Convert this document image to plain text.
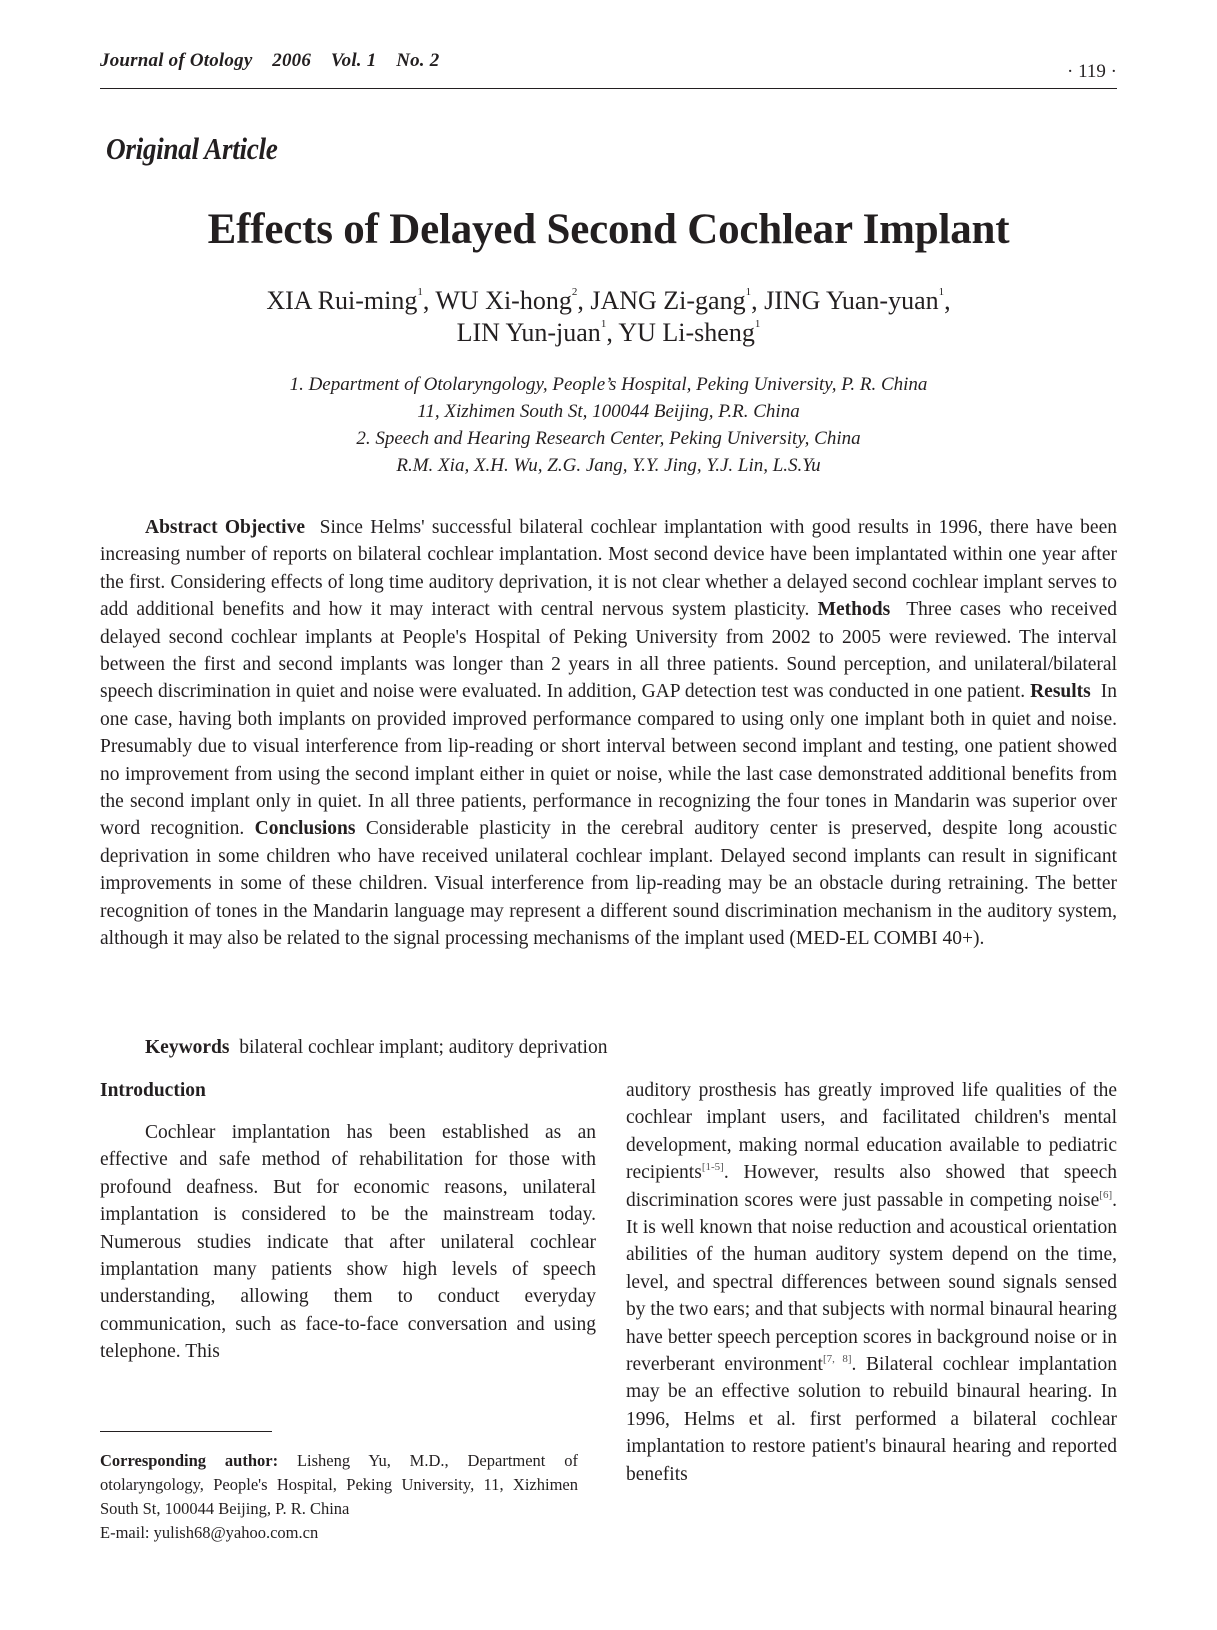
Journal of Otology    2006    Vol. 1    No. 2
· 119 ·
Original Article
Effects of Delayed Second Cochlear Implant
XIA Rui-ming$^1$, WU Xi-hong$^2$, JANG Zi-gang$^1$, JING Yuan-yuan$^1$,
LIN Yun-juan$^1$, YU Li-sheng$^1$
1. Department of Otolaryngology, People’s Hospital, Peking University, P. R. China
11, Xizhimen South St, 100044 Beijing, P.R. China
2. Speech and Hearing Research Center, Peking University, China
R.M. Xia, X.H. Wu, Z.G. Jang, Y.Y. Jing, Y.J. Lin, L.S.Yu

Abstract Objective Since Helms' successful bilateral cochlear implantation with good results in 1996, there have been increasing number of reports on bilateral cochlear implantation. Most second device have been implantated within one year after the first. Considering effects of long time auditory deprivation, it is not clear whether a delayed second cochlear implant serves to add additional benefits and how it may interact with central nervous system plasticity. Methods Three cases who received delayed second cochlear implants at People's Hospital of Peking University from 2002 to 2005 were reviewed. The interval between the first and second implants was longer than 2 years in all three patients. Sound perception, and unilateral/bilateral speech discrimination in quiet and noise were evaluated. In addition, GAP detection test was conducted in one patient. Results In one case, having both implants on provided improved performance compared to using only one implant both in quiet and noise. Presumably due to visual interference from lip-reading or short interval between second implant and testing, one patient showed no improvement from using the second implant either in quiet or noise, while the last case demonstrated additional benefits from the second implant only in quiet. In all three patients, performance in recognizing the four tones in Mandarin was superior over word recognition. Conclusions Considerable plasticity in the cerebral auditory center is preserved, despite long acoustic deprivation in some children who have received unilateral cochlear implant. Delayed second implants can result in significant improvements in some of these children. Visual interference from lip-reading may be an obstacle during retraining. The better recognition of tones in the Mandarin language may represent a different sound discrimination mechanism in the auditory system, although it may also be related to the signal processing mechanisms of the implant used (MED-EL COMBI 40+).

Keywords bilateral cochlear implant; auditory deprivation
Introduction

Cochlear implantation has been established as an effective and safe method of rehabilitation for those with profound deafness. But for economic reasons, unilateral implantation is considered to be the mainstream today. Numerous studies indicate that after unilateral cochlear implantation many patients show high levels of speech understanding, allowing them to conduct everyday communication, such as face-to-face conversation and using telephone. This

auditory prosthesis has greatly improved life qualities of the cochlear implant users, and facilitated children's mental development, making normal education available to pediatric recipients[1-5]. However, results also showed that speech discrimination scores were just passable in competing noise[6]. It is well known that noise reduction and acoustical orientation abilities of the human auditory system depend on the time, level, and spectral differences between sound signals sensed by the two ears; and that subjects with normal binaural hearing have better speech perception scores in background noise or in reverberant environment[7, 8]. Bilateral cochlear implantation may be an effective solution to rebuild binaural hearing. In 1996, Helms et al. first performed a bilateral cochlear implantation to restore patient's binaural hearing and reported benefits

Corresponding author: Lisheng Yu, M.D., Department of otolaryngology, People's Hospital, Peking University, 11, Xizhimen South St, 100044 Beijing, P. R. China

E-mail: yulish68@yahoo.com.cn
